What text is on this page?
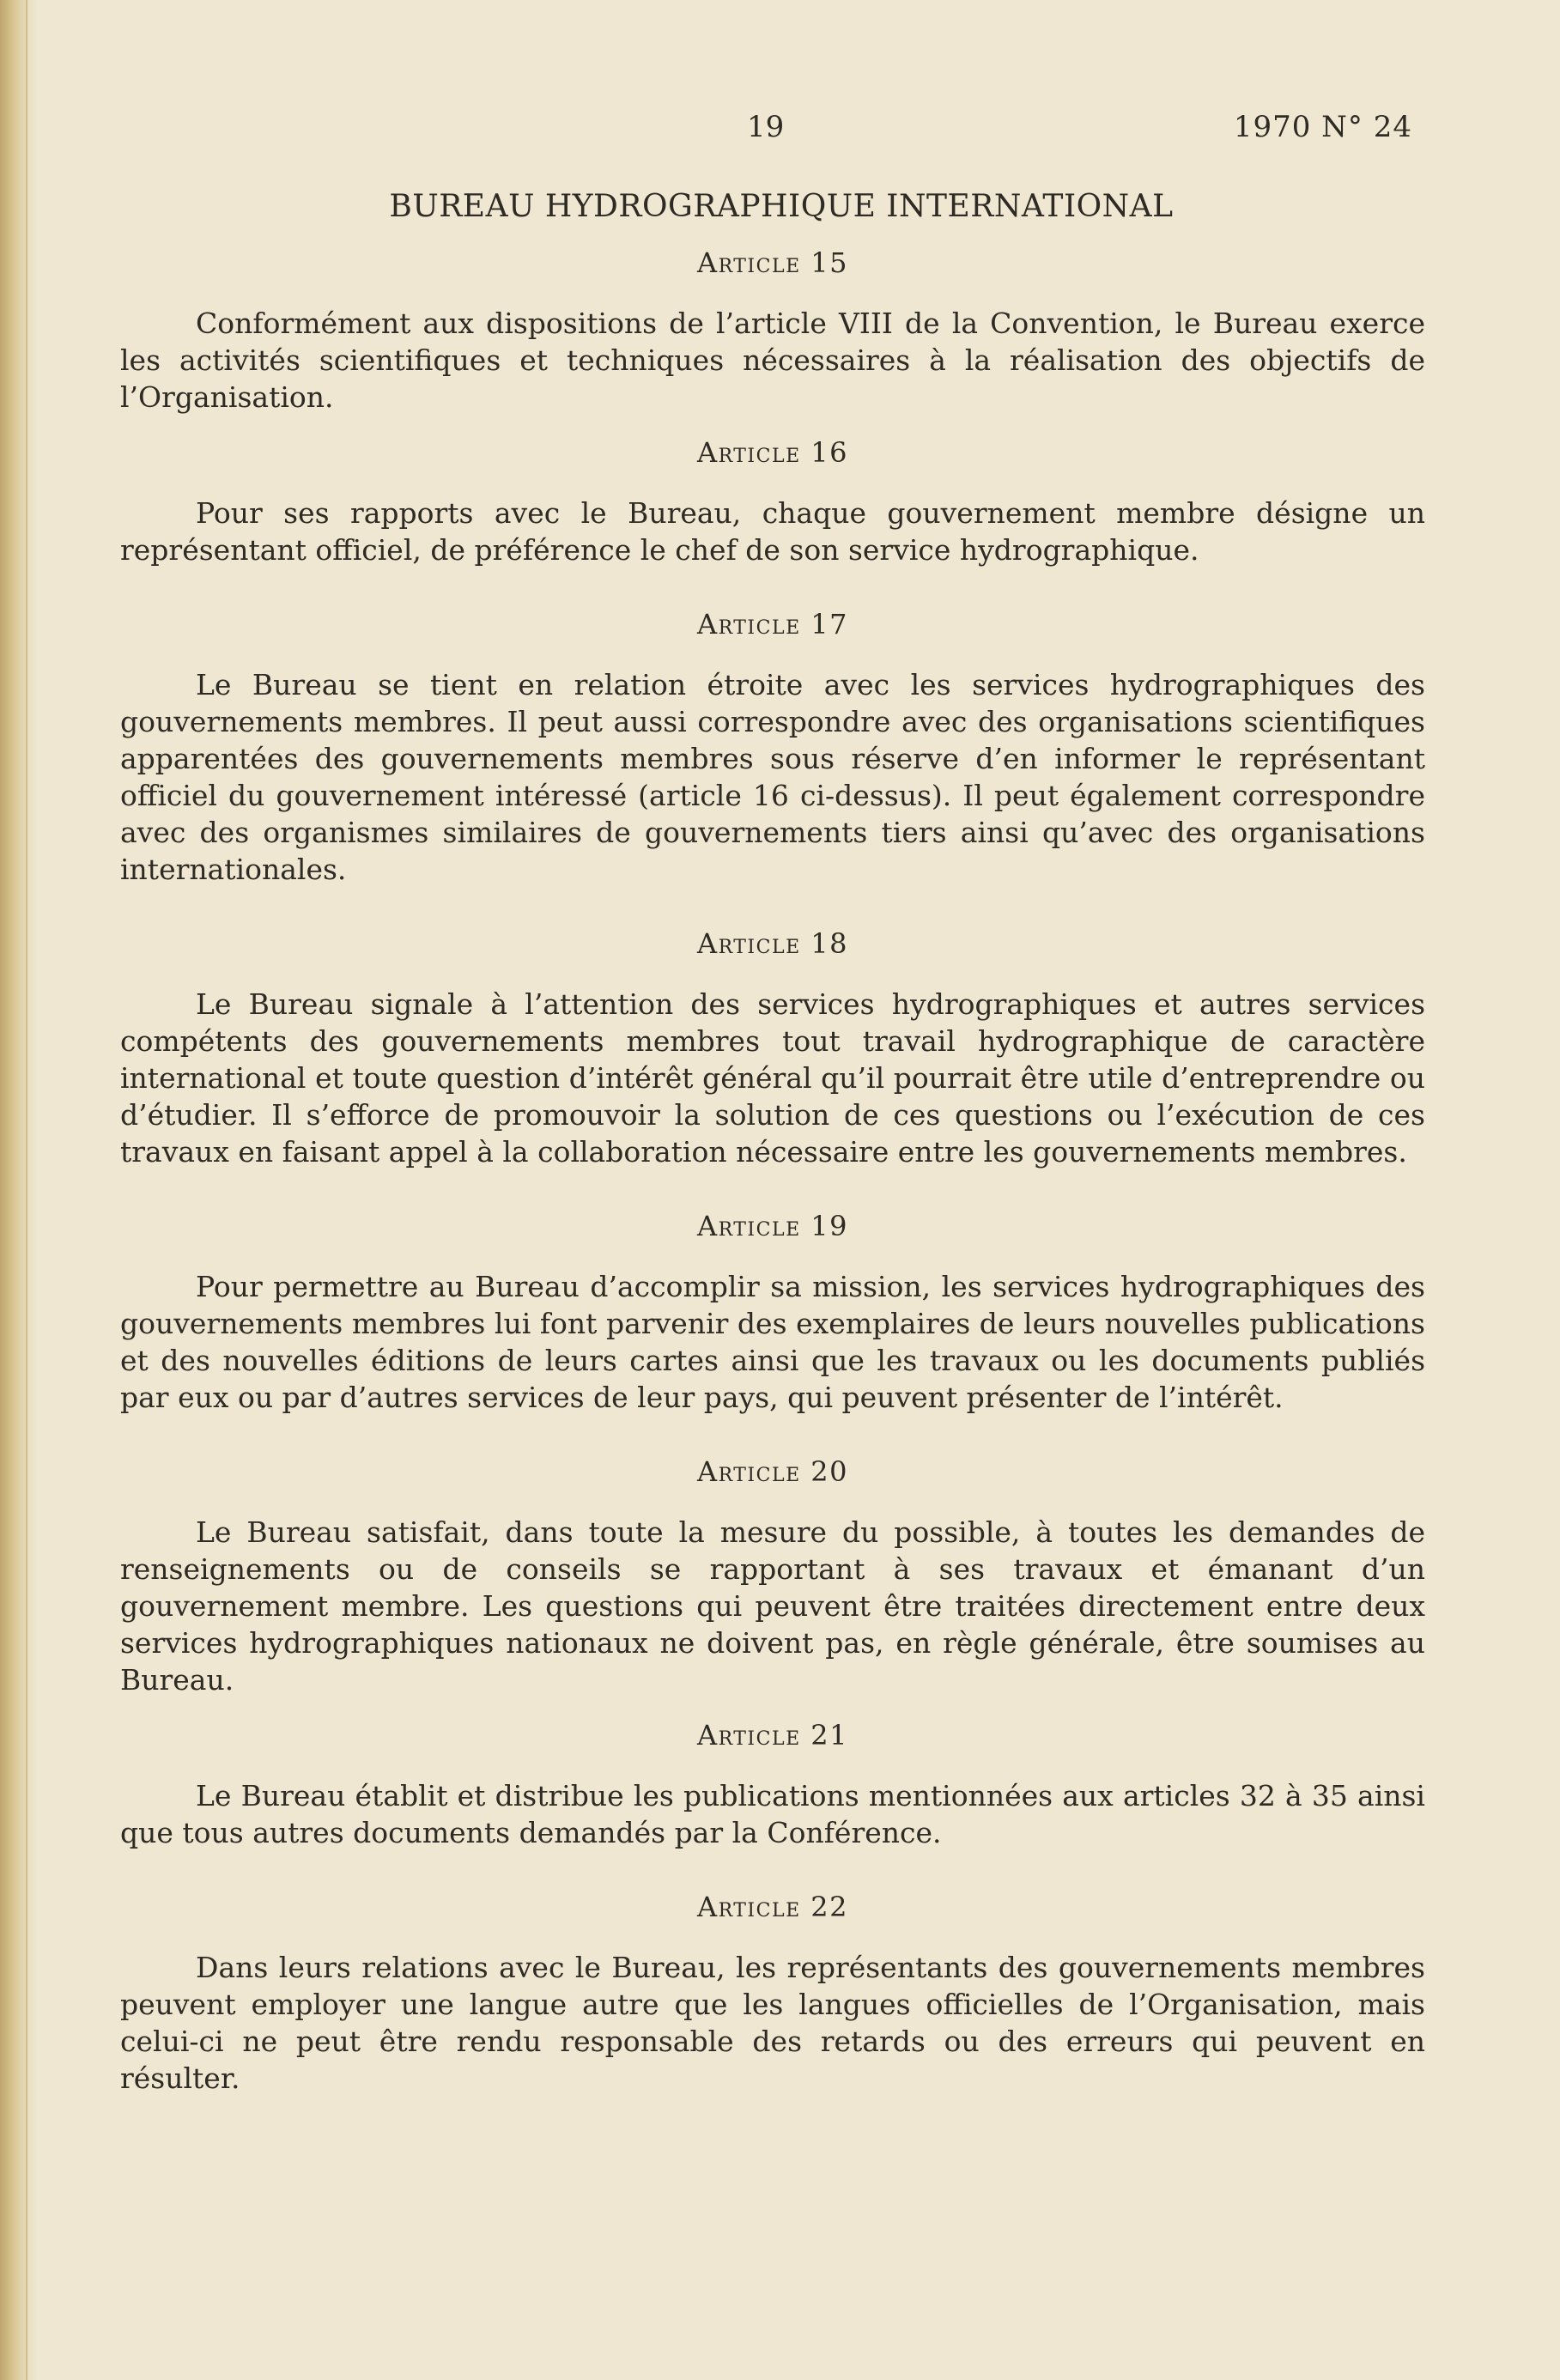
19	1970 N° 24
BUREAU HYDROGRAPHIQUE INTERNATIONAL
Article 15

Conformément aux dispositions de l’article VIII de la Convention, le Bureau exerce les activités scientifiques et techniques nécessaires à la réalisation des objectifs de l’Organisation.

Article 16

Pour ses rapports avec le Bureau, chaque gouvernement membre désigne un représentant officiel, de préférence le chef de son service hydrographique.

Article 17

Le Bureau se tient en relation étroite avec les services hydrographiques des gouvernements membres. Il peut aussi correspondre avec des organisations scientifiques apparentées des gouvernements membres sous réserve d’en informer le représentant officiel du gouvernement intéressé (article 16 ci-dessus). Il peut également correspondre avec des organismes similaires de gouvernements tiers ainsi qu’avec des organisations internationales.

Article 18

Le Bureau signale à l’attention des services hydrographiques et autres services compétents des gouvernements membres tout travail hydrographique de caractère international et toute question d’intérêt général qu’il pourrait être utile d’entreprendre ou d’étudier. Il s’efforce de promouvoir la solution de ces questions ou l’exécution de ces travaux en faisant appel à la collaboration nécessaire entre les gouvernements membres.

Article 19

Pour permettre au Bureau d’accomplir sa mission, les services hydrographiques des gouvernements membres lui font parvenir des exemplaires de leurs nouvelles publications et des nouvelles éditions de leurs cartes ainsi que les travaux ou les documents publiés par eux ou par d’autres services de leur pays, qui peuvent présenter de l’intérêt.

Article 20

Le Bureau satisfait, dans toute la mesure du possible, à toutes les demandes de renseignements ou de conseils se rapportant à ses travaux et émanant d’un gouvernement membre. Les questions qui peuvent être traitées directement entre deux services hydrographiques nationaux ne doivent pas, en règle générale, être soumises au Bureau.

Article 21

Le Bureau établit et distribue les publications mentionnées aux articles 32 à 35 ainsi que tous autres documents demandés par la Conférence.

Article 22

Dans leurs relations avec le Bureau, les représentants des gouvernements membres peuvent employer une langue autre que les langues officielles de l’Organisation, mais celui-ci ne peut être rendu responsable des retards ou des erreurs qui peuvent en résulter.
